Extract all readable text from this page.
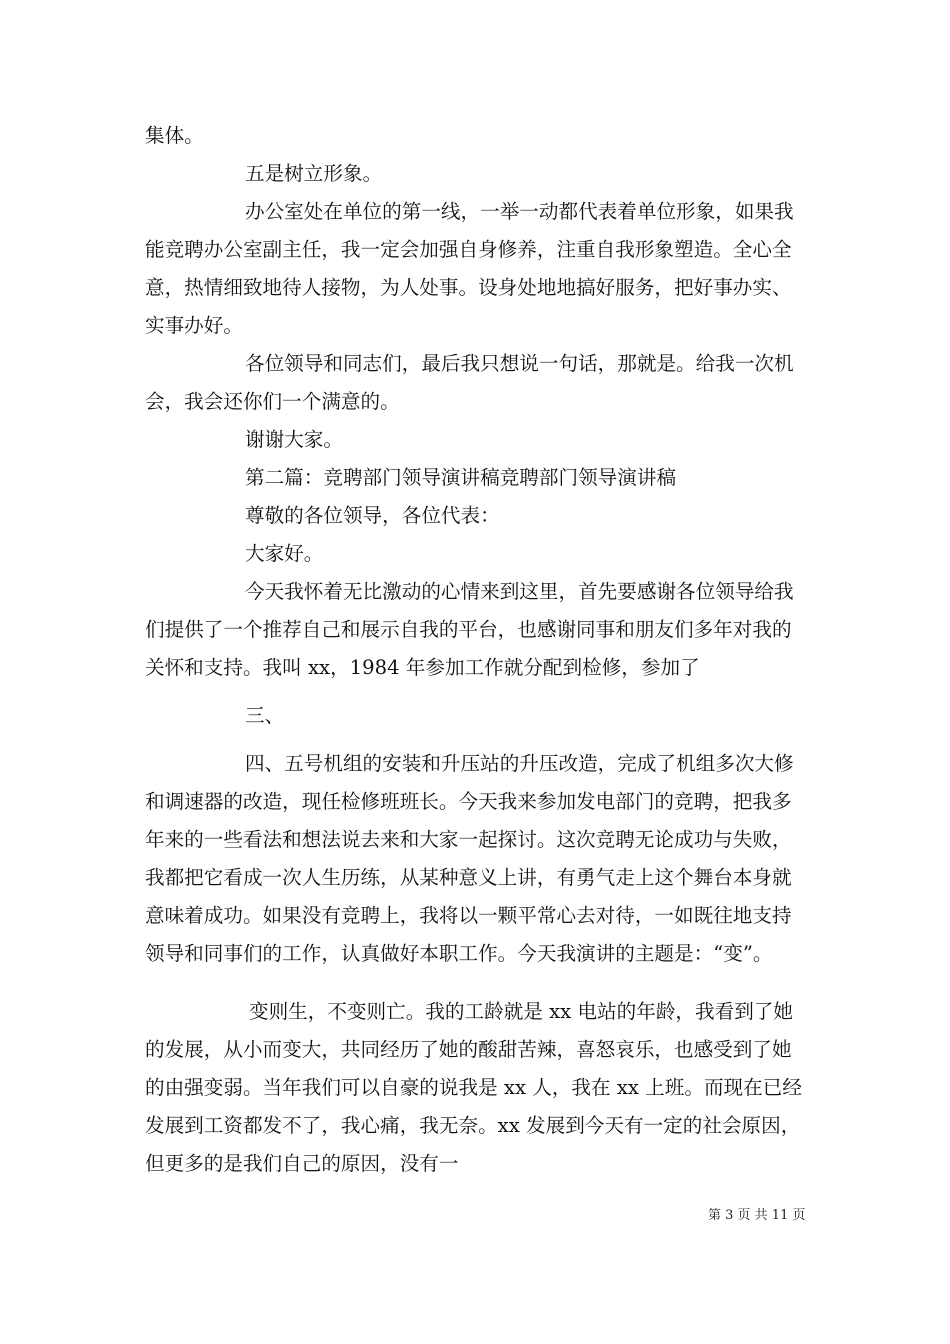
集体。

五是树立形象。

办公室处在单位的第一线，一举一动都代表着单位形象，如果我能竞聘办公室副主任，我一定会加强自身修养，注重自我形象塑造。全心全意，热情细致地待人接物，为人处事。设身处地地搞好服务，把好事办实、实事办好。

各位领导和同志们，最后我只想说一句话，那就是。给我一次机会，我会还你们一个满意的。

谢谢大家。

第二篇：竞聘部门领导演讲稿竞聘部门领导演讲稿

尊敬的各位领导，各位代表：

大家好。

今天我怀着无比激动的心情来到这里，首先要感谢各位领导给我们提供了一个推荐自己和展示自我的平台，也感谢同事和朋友们多年对我的关怀和支持。我叫 xx，1984 年参加工作就分配到检修，参加了

三、

四、五号机组的安装和升压站的升压改造，完成了机组多次大修和调速器的改造，现任检修班班长。今天我来参加发电部门的竞聘，把我多年来的一些看法和想法说去来和大家一起探讨。这次竞聘无论成功与失败，我都把它看成一次人生历练，从某种意义上讲，有勇气走上这个舞台本身就意味着成功。如果没有竞聘上，我将以一颗平常心去对待，一如既往地支持领导和同事们的工作，认真做好本职工作。今天我演讲的主题是：“变”。

变则生，不变则亡。我的工龄就是 xx 电站的年龄，我看到了她的发展，从小而变大，共同经历了她的酸甜苦辣，喜怒哀乐，也感受到了她的由强变弱。当年我们可以自豪的说我是 xx 人，我在 xx 上班。而现在已经发展到工资都发不了，我心痛，我无奈。xx 发展到今天有一定的社会原因，但更多的是我们自己的原因，没有一

第 3 页 共 11 页
